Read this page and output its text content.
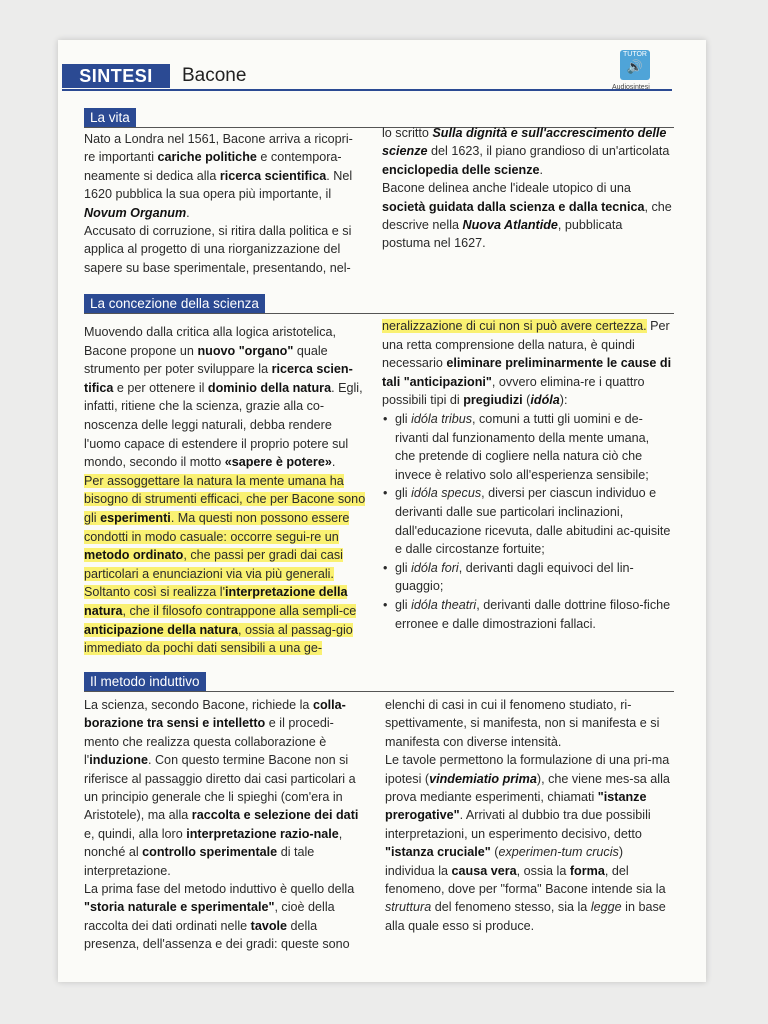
SINTESI	Bacone
TUTOR
🔊
Audiosintesi
La vita

Nato a Londra nel 1561, Bacone arriva a ricopri-re importanti cariche politiche e contempora-neamente si dedica alla ricerca scientifica. Nel 1620 pubblica la sua opera più importante, il Novum Organum.

Accusato di corruzione, si ritira dalla politica e si applica al progetto di una riorganizzazione del sapere su base sperimentale, presentando, nel-

lo scritto Sulla dignità e sull'accrescimento delle scienze del 1623, il piano grandioso di un'articolata enciclopedia delle scienze.

Bacone delinea anche l'ideale utopico di una società guidata dalla scienza e dalla tecnica, che descrive nella Nuova Atlantide, pubblicata postuma nel 1627.

La concezione della scienza

Muovendo dalla critica alla logica aristotelica, Bacone propone un nuovo "organo" quale strumento per poter sviluppare la ricerca scien-tifica e per ottenere il dominio della natura. Egli, infatti, ritiene che la scienza, grazie alla co-noscenza delle leggi naturali, debba rendere l'uomo capace di estendere il proprio potere sul mondo, secondo il motto «sapere è potere».

Per assoggettare la natura la mente umana ha bisogno di strumenti efficaci, che per Bacone sono gli esperimenti. Ma questi non possono essere condotti in modo casuale: occorre segui-re un metodo ordinato, che passi per gradi dai casi particolari a enunciazioni via via più generali. Soltanto così si realizza l'interpretazione della natura, che il filosofo contrappone alla sempli-ce anticipazione della natura, ossia al passag-gio immediato da pochi dati sensibili a una ge-

neralizzazione di cui non si può avere certezza. Per una retta comprensione della natura, è quindi necessario eliminare preliminarmente le cause di tali "anticipazioni", ovvero elimina-re i quattro possibili tipi di pregiudizi (idóla):

• gli idóla tribus, comuni a tutti gli uomini e de-rivanti dal funzionamento della mente umana, che pretende di cogliere nella natura ciò che invece è relativo solo all'esperienza sensibile;
• gli idóla specus, diversi per ciascun individuo e derivanti dalle sue particolari inclinazioni, dall'educazione ricevuta, dalle abitudini ac-quisite e dalle circostanze fortuite;
• gli idóla fori, derivanti dagli equivoci del lin-guaggio;
• gli idóla theatri, derivanti dalle dottrine filoso-fiche erronee e dalle dimostrazioni fallaci.
Il metodo induttivo

La scienza, secondo Bacone, richiede la colla-borazione tra sensi e intelletto e il procedi-mento che realizza questa collaborazione è l'induzione. Con questo termine Bacone non si riferisce al passaggio diretto dai casi particolari a un principio generale che li spieghi (com'era in Aristotele), ma alla raccolta e selezione dei dati e, quindi, alla loro interpretazione razio-nale, nonché al controllo sperimentale di tale interpretazione.

La prima fase del metodo induttivo è quello della "storia naturale e sperimentale", cioè della raccolta dei dati ordinati nelle tavole della presenza, dell'assenza e dei gradi: queste sono

elenchi di casi in cui il fenomeno studiato, ri-spettivamente, si manifesta, non si manifesta e si manifesta con diverse intensità.

Le tavole permettono la formulazione di una pri-ma ipotesi (vindemiatio prima), che viene mes-sa alla prova mediante esperimenti, chiamati "istanze prerogative". Arrivati al dubbio tra due possibili interpretazioni, un esperimento decisivo, detto "istanza cruciale" (experimen-tum crucis) individua la causa vera, ossia la forma, del fenomeno, dove per "forma" Bacone intende sia la struttura del fenomeno stesso, sia la legge in base alla quale esso si produce.
